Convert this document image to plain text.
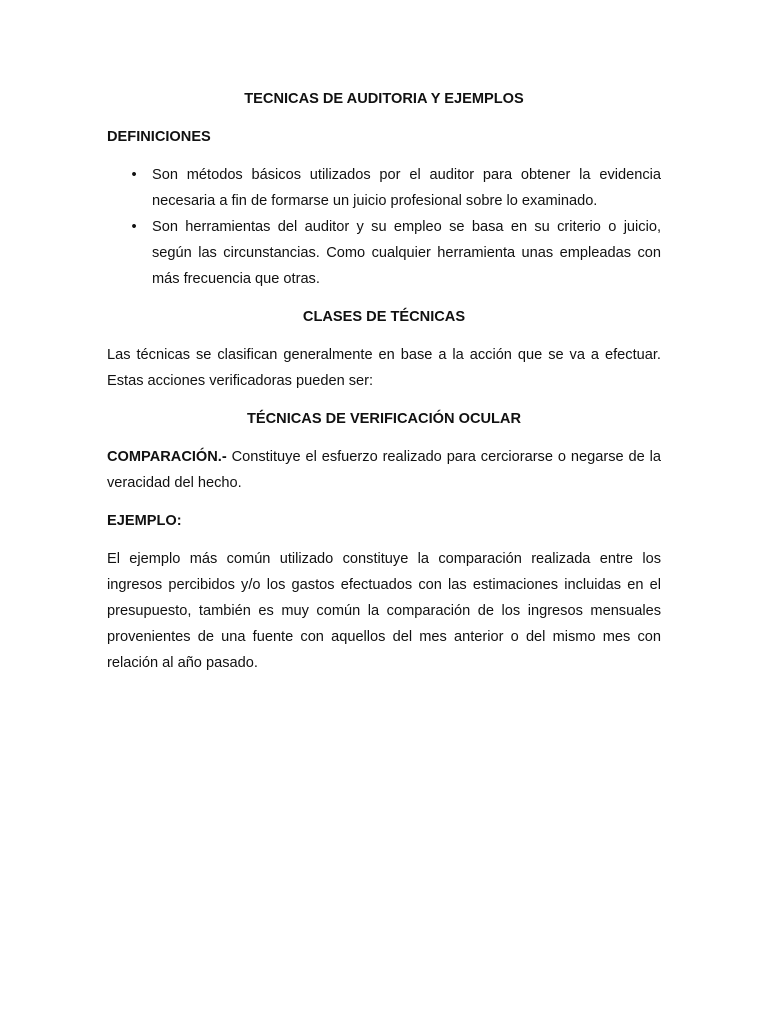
TECNICAS DE AUDITORIA Y EJEMPLOS

DEFINICIONES

• Son métodos básicos utilizados por el auditor para obtener la evidencia necesaria a fin de formarse un juicio profesional sobre lo examinado.
• Son herramientas del auditor y su empleo se basa en su criterio o juicio, según las circunstancias. Como cualquier herramienta unas empleadas con más frecuencia que otras.

CLASES DE TÉCNICAS

Las técnicas se clasifican generalmente en base a la acción que se va a efectuar. Estas acciones verificadoras pueden ser:

TÉCNICAS DE VERIFICACIÓN OCULAR

COMPARACIÓN.- Constituye el esfuerzo realizado para cerciorarse o negarse de la veracidad del hecho.

EJEMPLO:

El ejemplo más común utilizado constituye la comparación realizada entre los ingresos percibidos y/o los gastos efectuados con las estimaciones incluidas en el presupuesto, también es muy común la comparación de los ingresos mensuales provenientes de una fuente con aquellos del mes anterior o del mismo mes con relación al año pasado.
